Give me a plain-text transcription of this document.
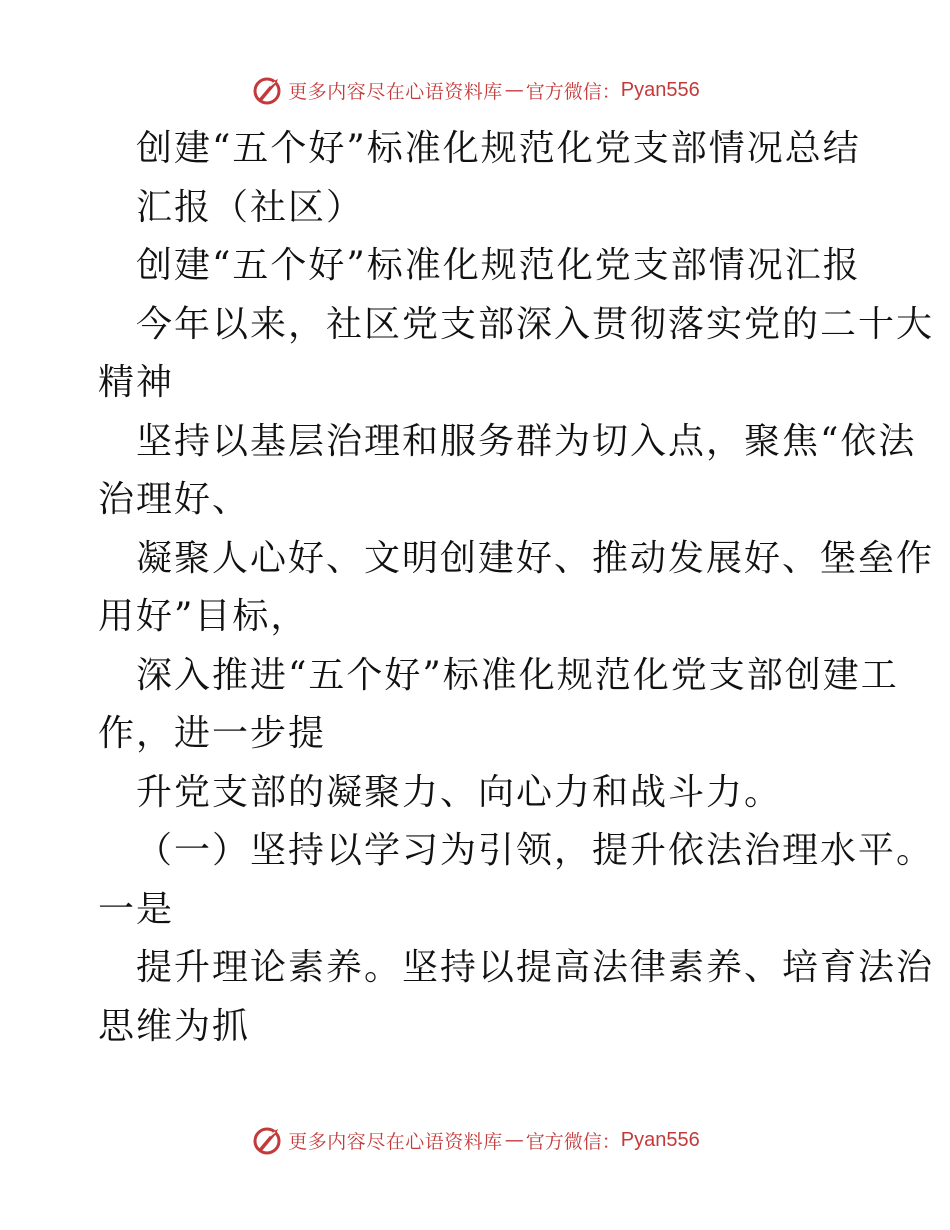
更多内容尽在心语资料库 — 官方微信： Pyan556
创建“五个好”标准化规范化党支部情况总结
汇报（社区）
创建“五个好”标准化规范化党支部情况汇报
今年以来，社区党支部深入贯彻落实党的二十大
精神
坚持以基层治理和服务群为切入点，聚焦“依法
治理好、
凝聚人心好、文明创建好、推动发展好、堡垒作
用好”目标，
深入推进“五个好”标准化规范化党支部创建工
作，进一步提
升党支部的凝聚力、向心力和战斗力。
（一）坚持以学习为引领，提升依法治理水平。
一是
提升理论素养。坚持以提高法律素养、培育法治
思维为抓
更多内容尽在心语资料库 — 官方微信： Pyan556
